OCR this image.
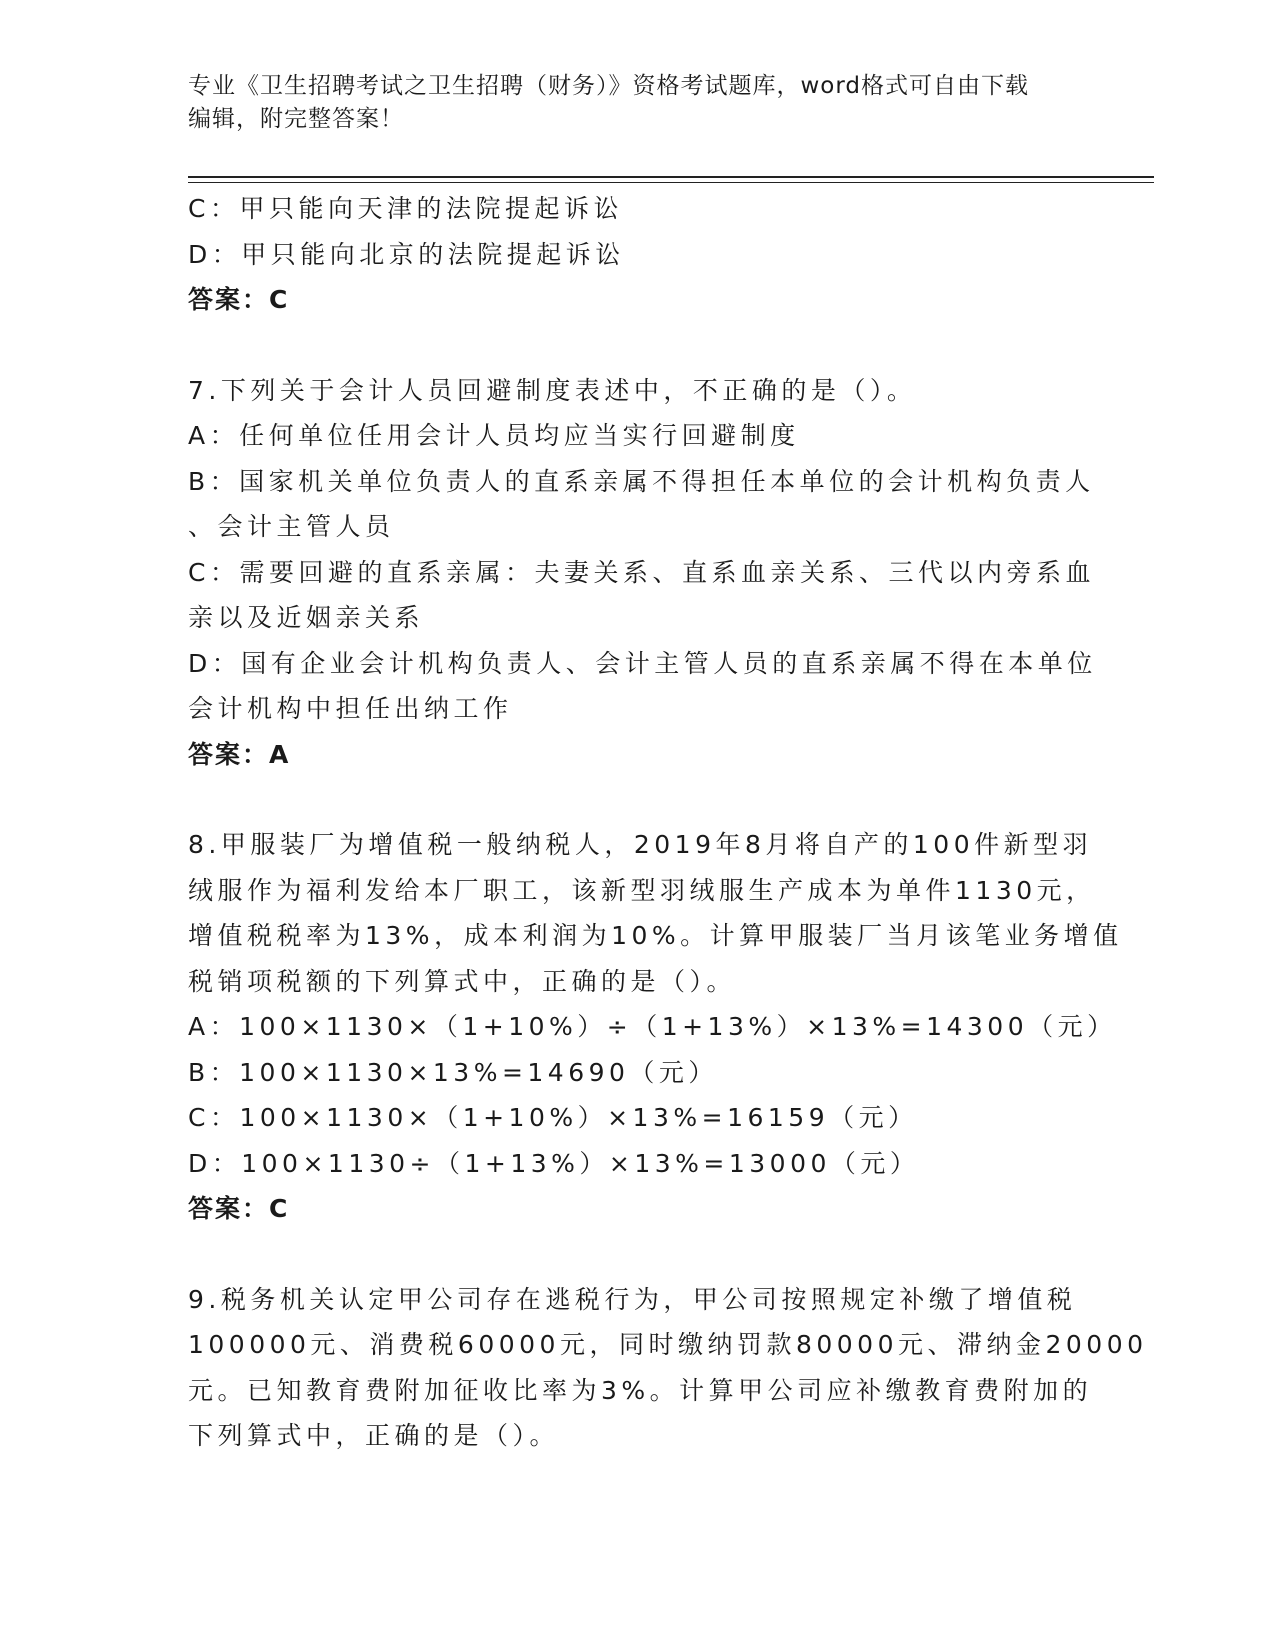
专业《卫生招聘考试之卫生招聘（财务）》资格考试题库，word格式可自由下载

编辑，附完整答案！

C：甲只能向天津的法院提起诉讼

D：甲只能向北京的法院提起诉讼

答案：C

7.下列关于会计人员回避制度表述中，不正确的是（）。

A：任何单位任用会计人员均应当实行回避制度

B：国家机关单位负责人的直系亲属不得担任本单位的会计机构负责人

、会计主管人员

C：需要回避的直系亲属：夫妻关系、直系血亲关系、三代以内旁系血

亲以及近姻亲关系

D：国有企业会计机构负责人、会计主管人员的直系亲属不得在本单位

会计机构中担任出纳工作

答案：A

8.甲服装厂为增值税一般纳税人，2019年8月将自产的100件新型羽

绒服作为福利发给本厂职工，该新型羽绒服生产成本为单件1130元，

增值税税率为13%，成本利润为10%。计算甲服装厂当月该笔业务增值

税销项税额的下列算式中，正确的是（）。

A：100×1130×（1+10%）÷（1+13%）×13%=14300（元）

B：100×1130×13%=14690（元）

C：100×1130×（1+10%）×13%=16159（元）

D：100×1130÷（1+13%）×13%=13000（元）

答案：C

9.税务机关认定甲公司存在逃税行为，甲公司按照规定补缴了增值税

100000元、消费税60000元，同时缴纳罚款80000元、滞纳金20000

元。已知教育费附加征收比率为3%。计算甲公司应补缴教育费附加的

下列算式中，正确的是（）。
